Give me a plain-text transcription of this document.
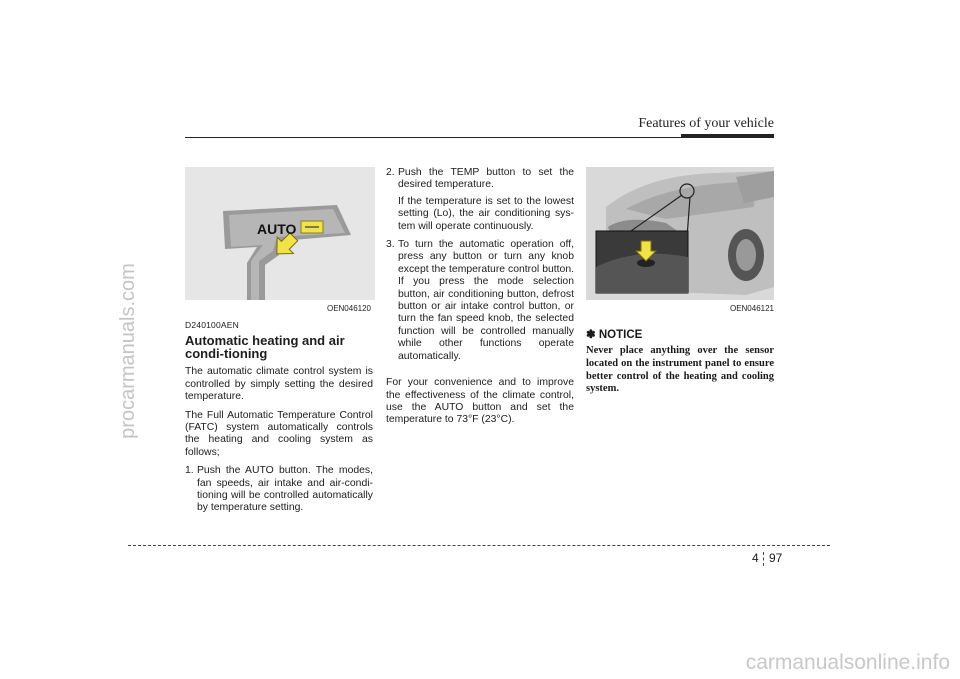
procarmanuals.com
Features of your vehicle
AUTO
OEN046120
D240100AEN
Automatic heating and air condi-tioning

The automatic climate control system is controlled by simply setting the desired temperature.

The Full Automatic Temperature Control (FATC) system automatically controls the heating and cooling system as follows;

1. Push the AUTO button. The modes, fan speeds, air intake and air-condi-tioning will be controlled automatically by temperature setting.
2. Push the TEMP button to set the desired temperature.
If the temperature is set to the lowest setting (Lo), the air conditioning sys-tem will operate continuously.
3. To turn the automatic operation off, press any button or turn any knob except the temperature control button. If you press the mode selection button, air conditioning button, defrost button or air intake control button, or turn the fan speed knob, the selected function will be controlled manually while other functions operate automatically.

For your convenience and to improve the effectiveness of the climate control, use the AUTO button and set the temperature to 73°F (23°C).

OEN046121
✽ NOTICE
Never place anything over the sensor located on the instrument panel to ensure better control of the heating and cooling system.
4 97
carmanualsonline.info
